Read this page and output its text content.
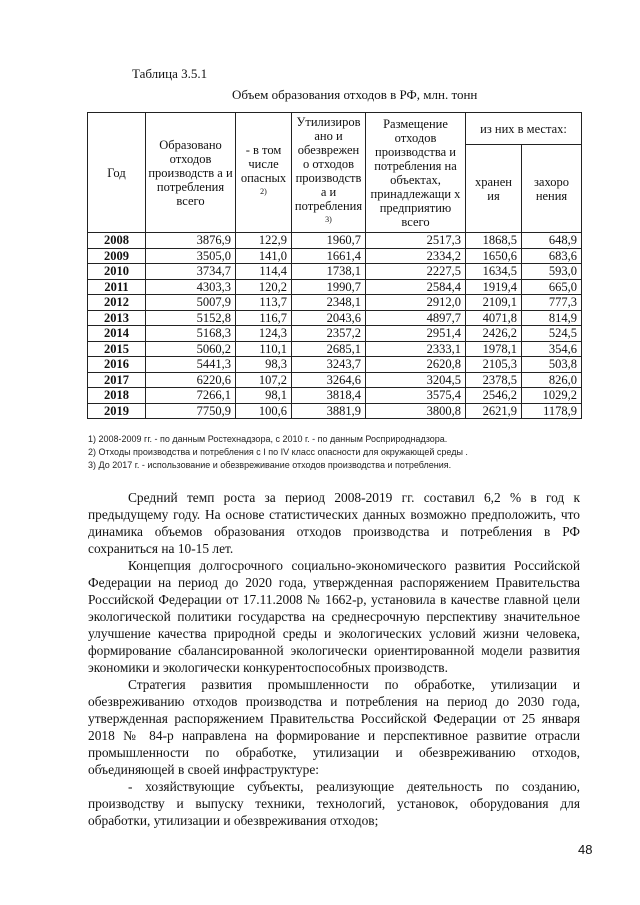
Таблица 3.5.1
Объем образования отходов в РФ, млн. тонн
Год	Образовано отходов производств а и потребления всего	- в том числе опасных $^{2)}$	Утилизиров ано и обезврежен о отходов производств а и потребления $^{3)}$	Размещение отходов производства и потребления на объектах, принадлежащи х предприятию всего	из них в местах:	
					хранен ия	захоро нения
2008	3876,9	122,9	1960,7	2517,3	1868,5	648,9
2009	3505,0	141,0	1661,4	2334,2	1650,6	683,6
2010	3734,7	114,4	1738,1	2227,5	1634,5	593,0
2011	4303,3	120,2	1990,7	2584,4	1919,4	665,0
2012	5007,9	113,7	2348,1	2912,0	2109,1	777,3
2013	5152,8	116,7	2043,6	4897,7	4071,8	814,9
2014	5168,3	124,3	2357,2	2951,4	2426,2	524,5
2015	5060,2	110,1	2685,1	2333,1	1978,1	354,6
2016	5441,3	98,3	3243,7	2620,8	2105,3	503,8
2017	6220,6	107,2	3264,6	3204,5	2378,5	826,0
2018	7266,1	98,1	3818,4	3575,4	2546,2	1029,2
2019	7750,9	100,6	3881,9	3800,8	2621,9	1178,9
1) 2008-2009 гг. - по данным Ростехнадзора, с 2010 г. - по данным Росприроднадзора.
2) Отходы производства и потребления с I по IV класс опасности для окружающей среды .
3) До 2017 г. - использование и обезвреживание отходов производства и потребления.

Средний темп роста за период 2008-2019 гг. составил 6,2 % в год к предыдущему году. На основе статистических данных возможно предположить, что динамика объемов образования отходов производства и потребления в РФ сохраниться на 10-15 лет.

Концепция долгосрочного социально-экономического развития Российской Федерации на период до 2020 года, утвержденная распоряжением Правительства Российской Федерации от 17.11.2008 № 1662-р, установила в качестве главной цели экологической политики государства на среднесрочную перспективу значительное улучшение качества природной среды и экологических условий жизни человека, формирование сбалансированной экологически ориентированной модели развития экономики и экологически конкурентоспособных производств.

Стратегия развития промышленности по обработке, утилизации и обезвреживанию отходов производства и потребления на период до 2030 года, утвержденная распоряжением Правительства Российской Федерации от 25 января 2018 № 84-р направлена на формирование и перспективное развитие отрасли промышленности по обработке, утилизации и обезвреживанию отходов, объединяющей в своей инфраструктуре:

- хозяйствующие субъекты, реализующие деятельность по созданию, производству и выпуску техники, технологий, установок, оборудования для обработки, утилизации и обезвреживания отходов;

48
